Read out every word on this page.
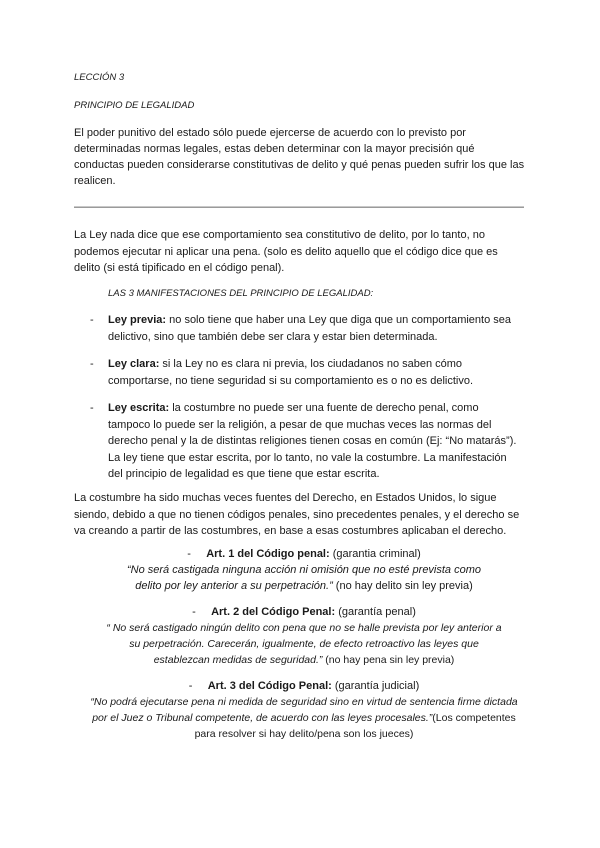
LECCIÓN 3
PRINCIPIO DE LEGALIDAD
El poder punitivo del estado sólo puede ejercerse de acuerdo con lo previsto por
determinadas normas legales, estas deben determinar con la mayor precisión qué
conductas pueden considerarse constitutivas de delito y qué penas pueden sufrir los que las
realicen.
La Ley nada dice que ese comportamiento sea constitutivo de delito, por lo tanto, no
podemos ejecutar ni aplicar una pena. (solo es delito aquello que el código dice que es
delito (si está tipificado en el código penal).
LAS 3 MANIFESTACIONES DEL PRINCIPIO DE LEGALIDAD:
- Ley previa: no solo tiene que haber una Ley que diga que un comportamiento sea
delictivo, sino que también debe ser clara y estar bien determinada.
- Ley clara: si la Ley no es clara ni previa, los ciudadanos no saben cómo
comportarse, no tiene seguridad si su comportamiento es o no es delictivo.
- Ley escrita: la costumbre no puede ser una fuente de derecho penal, como
tampoco lo puede ser la religión, a pesar de que muchas veces las normas del
derecho penal y la de distintas religiones tienen cosas en común (Ej: “No matarás”).
La ley tiene que estar escrita, por lo tanto, no vale la costumbre. La manifestación
del principio de legalidad es que tiene que estar escrita.
La costumbre ha sido muchas veces fuentes del Derecho, en Estados Unidos, lo sigue
siendo, debido a que no tienen códigos penales, sino precedentes penales, y el derecho se
va creando a partir de las costumbres, en base a esas costumbres aplicaban el derecho.
- Art. 1 del Código penal: (garantia criminal)
“No será castigada ninguna acción ni omisión que no esté prevista como
delito por ley anterior a su perpetración.” (no hay delito sin ley previa)
- Art. 2 del Código Penal: (garantía penal)
“ No será castigado ningún delito con pena que no se halle prevista por ley anterior a
su perpetración. Carecerán, igualmente, de efecto retroactivo las leyes que
establezcan medidas de seguridad.” (no hay pena sin ley previa)
- Art. 3 del Código Penal: (garantía judicial)
“No podrá ejecutarse pena ni medida de seguridad sino en virtud de sentencia firme dictada
por el Juez o Tribunal competente, de acuerdo con las leyes procesales.”(Los competentes
para resolver si hay delito/pena son los jueces)
